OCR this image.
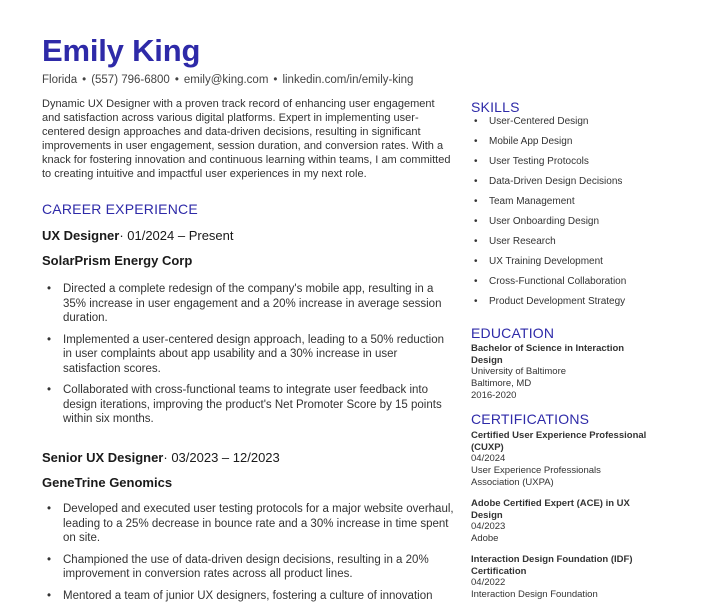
Emily King
Florida • (557) 796-6800 • emily@king.com • linkedin.com/in/emily-king

Dynamic UX Designer with a proven track record of enhancing user engagement and satisfaction across various digital platforms. Expert in implementing user-centered design approaches and data-driven decisions, resulting in significant improvements in user engagement, session duration, and conversion rates. With a knack for fostering innovation and continuous learning within teams, I am committed to creating intuitive and impactful user experiences in my next role.

CAREER EXPERIENCE
UX Designer· 01/2024 – Present
SolarPrism Energy Corp
• Directed a complete redesign of the company's mobile app, resulting in a 35% increase in user engagement and a 20% increase in average session duration.
• Implemented a user-centered design approach, leading to a 50% reduction in user complaints about app usability and a 30% increase in user satisfaction scores.
• Collaborated with cross-functional teams to integrate user feedback into design iterations, improving the product's Net Promoter Score by 15 points within six months.
Senior UX Designer· 03/2023 – 12/2023
GeneTrine Genomics
• Developed and executed user testing protocols for a major website overhaul, leading to a 25% decrease in bounce rate and a 30% increase in time spent on site.
• Championed the use of data-driven design decisions, resulting in a 20% improvement in conversion rates across all product lines.
• Mentored a team of junior UX designers, fostering a culture of innovation
SKILLS
• User-Centered Design
• Mobile App Design
• User Testing Protocols
• Data-Driven Design Decisions
• Team Management
• User Onboarding Design
• User Research
• UX Training Development
• Cross-Functional Collaboration
• Product Development Strategy
EDUCATION
Bachelor of Science in Interaction Design
University of Baltimore
Baltimore, MD
2016-2020
CERTIFICATIONS
Certified User Experience Professional (CUXP)
04/2024
User Experience Professionals Association (UXPA)
Adobe Certified Expert (ACE) in UX Design
04/2023
Adobe
Interaction Design Foundation (IDF) Certification
04/2022
Interaction Design Foundation
